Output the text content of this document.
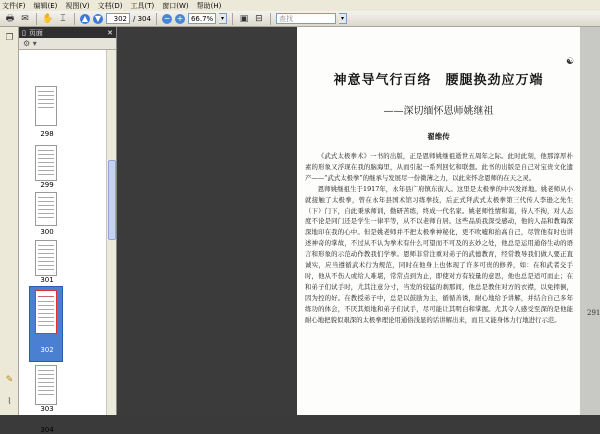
文件(F) 编辑(E) 视图(V) 文档(D) 工具(T) 窗口(W) 帮助(H)
🖶 ✉ ✋ ⌶	▲ ▼	302 / 304 − +	66.7%	▾	▣ ⊟	查找	▾
❐
✎
⌇
▯ 页面	✕
⚙ ▾
298
299
300
301
302
303
304
☯
神意导气行百络　腰腿换劲应万端
——深切缅怀恩师姚继祖
翟维传

《武式太极拳术》一书的出版，正是恩师姚继祖逝世五周年之际。此时此刻，他那淳厚朴素的形象又浮现在我的脑海里，从而引起一系列回忆和联想。此书的出版是自己对宝贵文化遗产——“武式太极拳”的继承与发展尽一份微薄之力，以此来怀念恩师的在天之灵。

恩师姚继祖生于1917年，永年县广府镇东街人。这里是太极拳的中兴发祥地。姚老师从小就接触了太极拳，曾在永年县国术馆习练拳技，后正式拜武式太极拳第三代传人李逊之先生（下）门下，自此秉承师训，勤研苦练，终成一代名家。姚老师性情和蔼，待人不拘，对人态度不论是同门还是学生一律平等，从不以老师自居。这些品质我深受感动，他的人品和教诲深深地印在我的心中。但是姚老师并不把太极拳神秘化，更不吹嘘和抬高自己，尽管他有时也讲述神奇的掌故，不过从不认为拳术有什么可望而不可及的玄妙之处，他总是运用通俗生动的语言和形象的示范动作教我们学拳。恩师非常注重对弟子的武德教育，经常教导我们做人要正直诚实，应当遵循武术行为规范，同时在他身上也体现了许多可贵的修养，如：在和武者交手时，他从不伤人或给人难堪，常常点到为止，即使对方有较量的意思，他也总是适可而止；在和弟子们试手时，尤其注意分寸，当发的较猛的刹那间，他总是教住对方的衣襟，以免摔倒，因为控的好。在教授弟子中，总是以鼓励为主，循循善诱，耐心地给予讲解，并结合自己多年练功的体会，不厌其烦地和弟子们试手，尽可能让其明白和掌握。尤其令人感受至深的是他能耐心地把貌似艰深的太极拳理论用通俗浅显的话讲解出来，而且又能身体力行地进行示范。

291
